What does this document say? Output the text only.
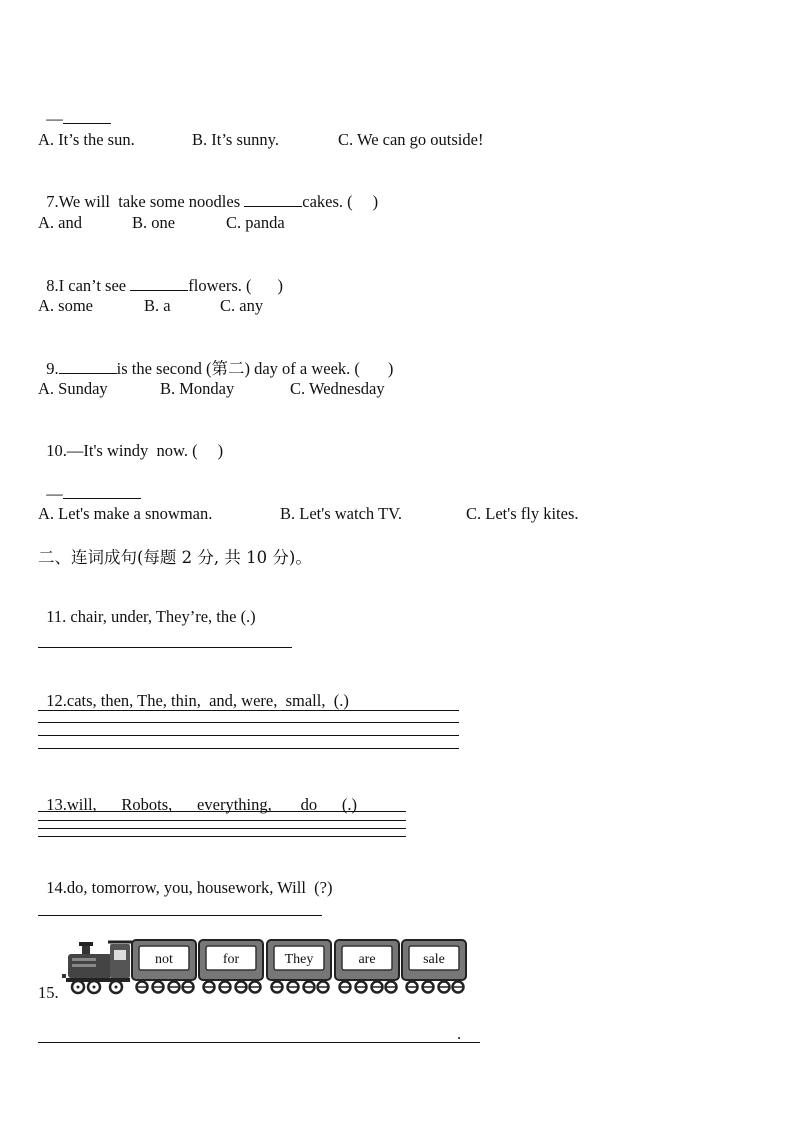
—

A. It’s the sun.

	B. It’s sunny.

	C. We can go outside!

7.We will  take some noodles	cakes. ( )

A. and

	B. one

	C. panda

8.I can’t see	flowers. ( )

A. some

	B. a

	C. any

9.	is the second (第二) day of a week. ( )

A. Sunday

	B. Monday

	C. Wednesday

10.—It's windy  now. ( )

—

A. Let's make a snowman.

	B. Let's watch TV.

	C. Let's fly kites.

二、连词成句(每题 2 分, 共 10 分)。

11. chair, under, They’re, the (.)

12.cats, then, The, thin,  and, were,  small,  (.)

13.will,      Robots,      everything,       do      (.)

14.do, tomorrow, you, housework, Will  (?)

15.
not	for	They	are	sale
.
